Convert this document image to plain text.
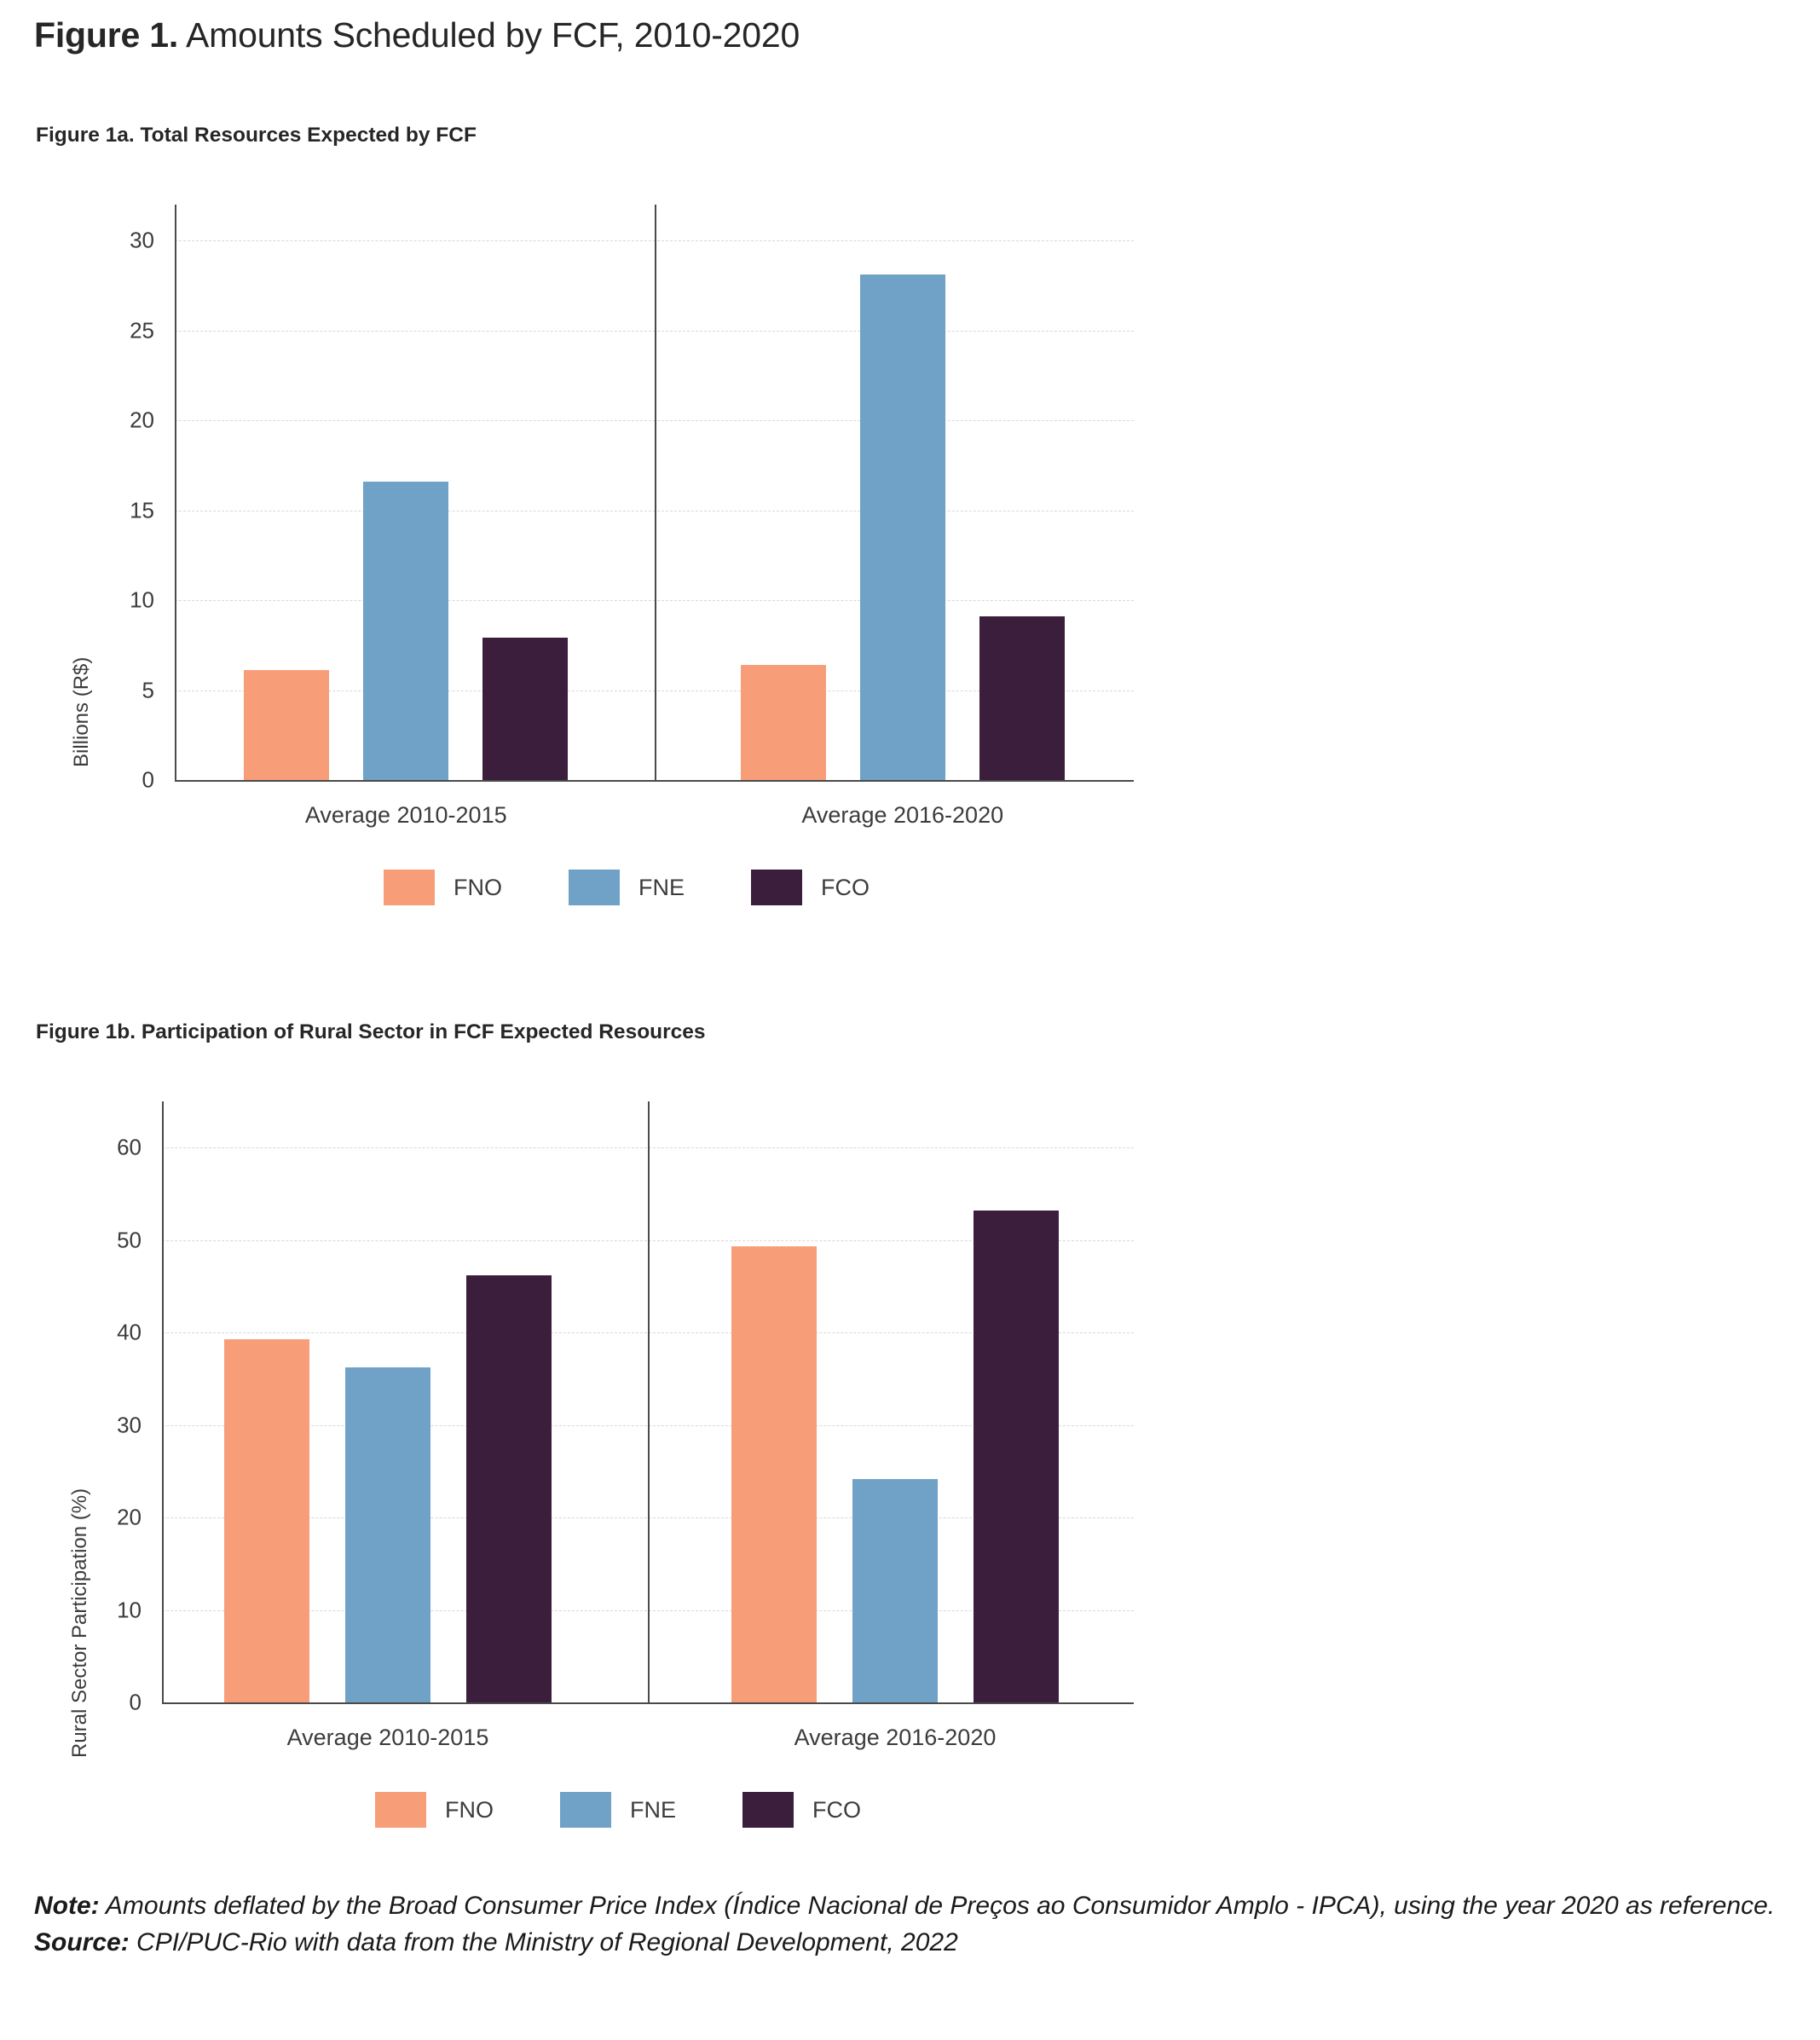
Figure 1. Amounts Scheduled by FCF, 2010-2020
Figure 1a. Total Resources Expected by FCF
Billions (R$)
0
5
10
15
20
25
30
Average 2010-2015	Average 2016-2020
FNO	FNE	FCO
Figure 1b. Participation of Rural Sector in FCF Expected Resources
Rural Sector Participation (%)	0
10
20
30
40
50
60
Average 2010-2015	Average 2016-2020
FNO	FNE	FCO

Note: Amounts deflated by the Broad Consumer Price Index (Índice Nacional de Preços ao Consumidor Amplo - IPCA), using the year 2020 as reference.

Source: CPI/PUC-Rio with data from the Ministry of Regional Development, 2022
